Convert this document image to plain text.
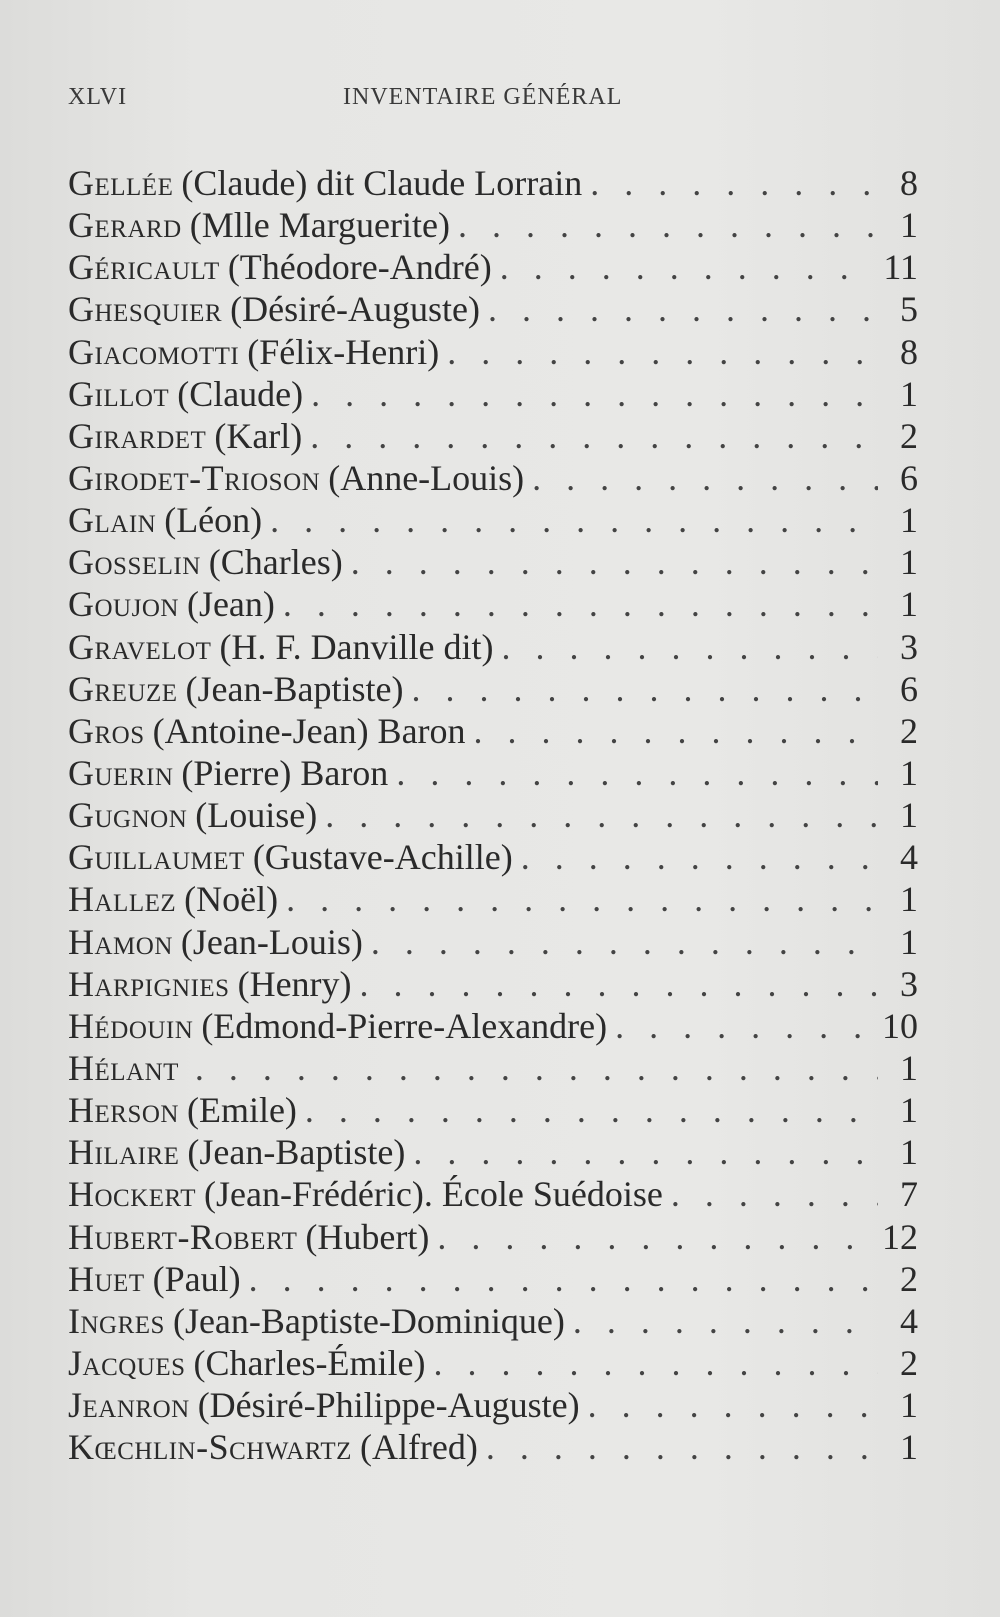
XLVI	INVENTAIRE GÉNÉRAL
Gellée (Claude) dit Claude Lorrain . . .	8
Gerard (Mlle Marguerite) . . .	1
Géricault (Théodore-André) . . .	11
Ghesquier (Désiré-Auguste) . . .	5
Giacomotti (Félix-Henri) . . .	8
Gillot (Claude) . . .	1
Girardet (Karl) . . .	2
Girodet-Trioson (Anne-Louis) . . .	6
Glain (Léon) . . .	1
Gosselin (Charles) . . .	1
Goujon (Jean) . . .	1
Gravelot (H. F. Danville dit) . . .	3
Greuze (Jean-Baptiste) . . .	6
Gros (Antoine-Jean) Baron . . .	2
Guerin (Pierre) Baron . . .	1
Gugnon (Louise) . . .	1
Guillaumet (Gustave-Achille) . . .	4
Hallez (Noël) . . .	1
Hamon (Jean-Louis) . . .	1
Harpignies (Henry) . . .	3
Hédouin (Edmond-Pierre-Alexandre) . . .	10
Hélant . . .	1
Herson (Emile) . . .	1
Hilaire (Jean-Baptiste) . . .	1
Hockert (Jean-Frédéric). École Suédoise . . .	7
Hubert-Robert (Hubert) . . .	12
Huet (Paul) . . .	2
Ingres (Jean-Baptiste-Dominique) . . .	4
Jacques (Charles-Émile) . . .	2
Jeanron (Désiré-Philippe-Auguste) . . .	1
Kœchlin-Schwartz (Alfred) . . .	1
